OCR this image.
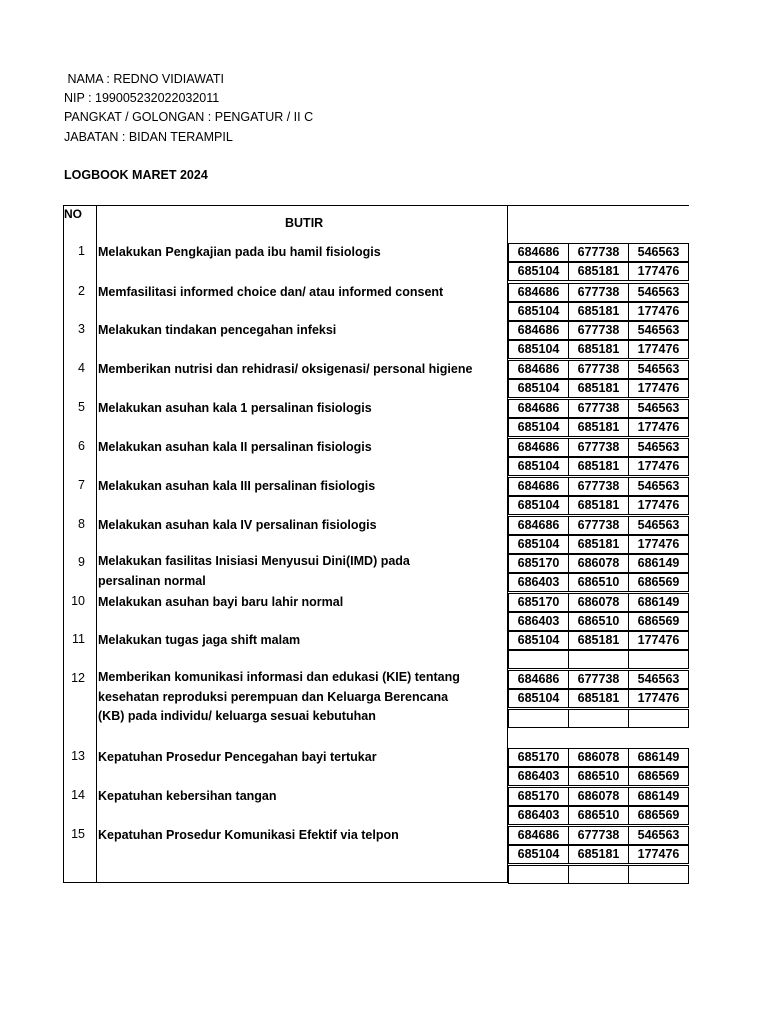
NAMA : REDNO VIDIAWATI
NIP : 199005232022032011
PANGKAT / GOLONGAN : PENGATUR / II C
JABATAN : BIDAN TERAMPIL
LOGBOOK MARET 2024
NO
BUTIR
1 Melakukan Pengkajian pada ibu hamil fisiologis	684686	677738	546563
685104	685181	177476
2 Memfasilitasi informed choice dan/ atau informed consent	684686	677738	546563
685104	685181	177476
3 Melakukan tindakan pencegahan infeksi	684686	677738	546563
685104	685181	177476
4 Memberikan nutrisi dan rehidrasi/ oksigenasi/ personal higiene	684686	677738	546563
685104	685181	177476
5 Melakukan asuhan kala 1 persalinan fisiologis	684686	677738	546563
685104	685181	177476
6 Melakukan asuhan kala II persalinan fisiologis	684686	677738	546563
685104	685181	177476
7 Melakukan asuhan kala III persalinan fisiologis	684686	677738	546563
685104	685181	177476
8 Melakukan asuhan kala IV persalinan fisiologis	684686	677738	546563
685104	685181	177476
9 Melakukan fasilitas Inisiasi Menyusui Dini(IMD) pada persalinan normal
685170	686078	686149
686403	686510	686569
10 Melakukan asuhan bayi baru lahir normal	685170	686078	686149
686403	686510	686569
11 Melakukan tugas jaga shift malam	685104	685181	177476
12 Memberikan komunikasi informasi dan edukasi (KIE) tentang kesehatan reproduksi perempuan dan Keluarga Berencana (KB) pada individu/ keluarga sesuai kebutuhan
684686	677738	546563
685104	685181	177476
13 Kepatuhan Prosedur Pencegahan bayi tertukar	685170	686078	686149
686403	686510	686569
14 Kepatuhan kebersihan tangan	685170	686078	686149
686403	686510	686569
15 Kepatuhan Prosedur Komunikasi Efektif via telpon	684686	677738	546563
685104	685181	177476
